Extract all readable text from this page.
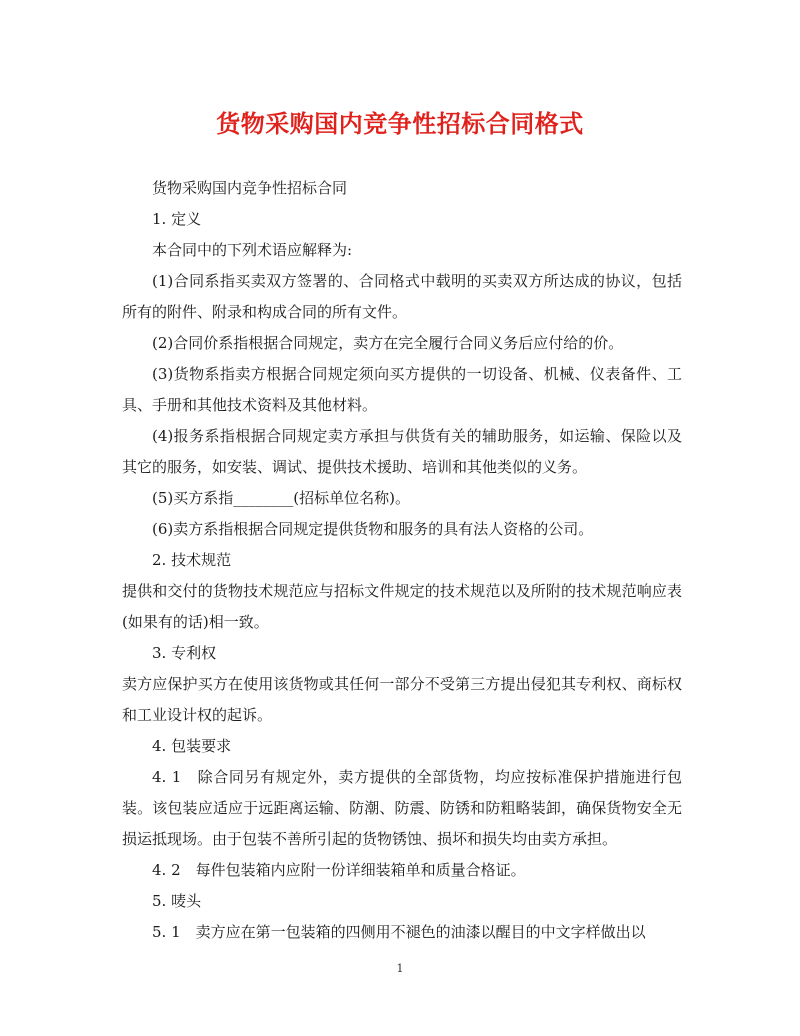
货物采购国内竞争性招标合同格式

货物采购国内竞争性招标合同

1. 定义

本合同中的下列术语应解释为:

(1)合同系指买卖双方签署的、合同格式中载明的买卖双方所达成的协议，包括所有的附件、附录和构成合同的所有文件。

(2)合同价系指根据合同规定，卖方在完全履行合同义务后应付给的价。

(3)货物系指卖方根据合同规定须向买方提供的一切设备、机械、仪表备件、工具、手册和其他技术资料及其他材料。

(4)报务系指根据合同规定卖方承担与供货有关的辅助服务，如运输、保险以及其它的服务，如安装、调试、提供技术援助、培训和其他类似的义务。

(5)买方系指________(招标单位名称)。

(6)卖方系指根据合同规定提供货物和服务的具有法人资格的公司。

2. 技术规范

提供和交付的货物技术规范应与招标文件规定的技术规范以及所附的技术规范响应表(如果有的话)相一致。

3. 专利权

卖方应保护买方在使用该货物或其任何一部分不受第三方提出侵犯其专利权、商标权和工业设计权的起诉。

4. 包装要求

4. 1　除合同另有规定外，卖方提供的全部货物，均应按标准保护措施进行包装。该包装应适应于远距离运输、防潮、防震、防锈和防粗略装卸，确保货物安全无损运抵现场。由于包装不善所引起的货物锈蚀、损坏和损失均由卖方承担。

4. 2　每件包装箱内应附一份详细装箱单和质量合格证。

5. 唛头

5. 1　卖方应在第一包装箱的四侧用不褪色的油漆以醒目的中文字样做出以

1
